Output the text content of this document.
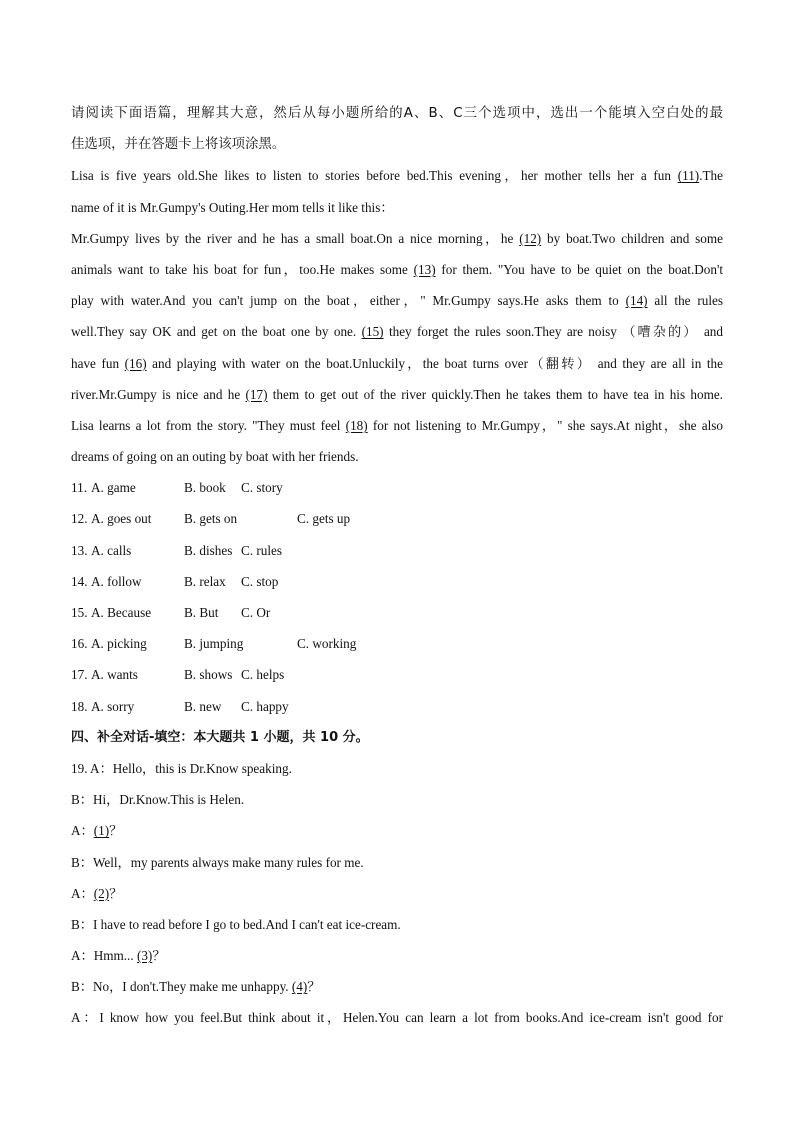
请阅读下面语篇，理解其大意，然后从每小题所给的A、B、C三个选项中，选出一个能填入空白处的最
佳选项，并在答题卡上将该项涂黑。
Lisa is five years old.She likes to listen to stories before bed.This evening，her mother tells her a fun (11).The
name of it is Mr.Gumpy's Outing.Her mom tells it like this：
Mr.Gumpy lives by the river and he has a small boat.On a nice morning，he (12) by boat.Two children and some
animals want to take his boat for fun，too.He makes some (13) for them. "You have to be quiet on the boat.Don't
play with water.And you can't jump on the boat，either，" Mr.Gumpy says.He asks them to (14) all the rules
well.They say OK and get on the boat one by one. (15) they forget the rules soon.They are noisy （嘈杂的） and
have fun (16) and playing with water on the boat.Unluckily，the boat turns over（翻转） and they are all in the
river.Mr.Gumpy is nice and he (17) them to get out of the river quickly.Then he takes them to have tea in his home.
Lisa learns a lot from the story. "They must feel (18) for not listening to Mr.Gumpy，" she says.At night，she also
dreams of going on an outing by boat with her friends.
11. A. game	B. book C. story
12. A. goes out B. gets on	C. gets up
13. A. calls	B. dishes C. rules
14. A. follow	B. relax C. stop
15. A. Because B. But C. Or
16. A. picking	B. jumping	C. working
17. A. wants	B. shows C. helps
18. A. sorry	B. new C. happy
四、补全对话-填空：本大题共 1 小题，共 10 分。
19. A：Hello，this is Dr.Know speaking.
B：Hi，Dr.Know.This is Helen.
A：(1)？
B：Well，my parents always make many rules for me.
A：(2)？
B：I have to read before I go to bed.And I can't eat ice-cream.
A：Hmm... (3)？
B：No，I don't.They make me unhappy. (4)？
A：I know how you feel.But think about it，Helen.You can learn a lot from books.And ice-cream isn't good for
